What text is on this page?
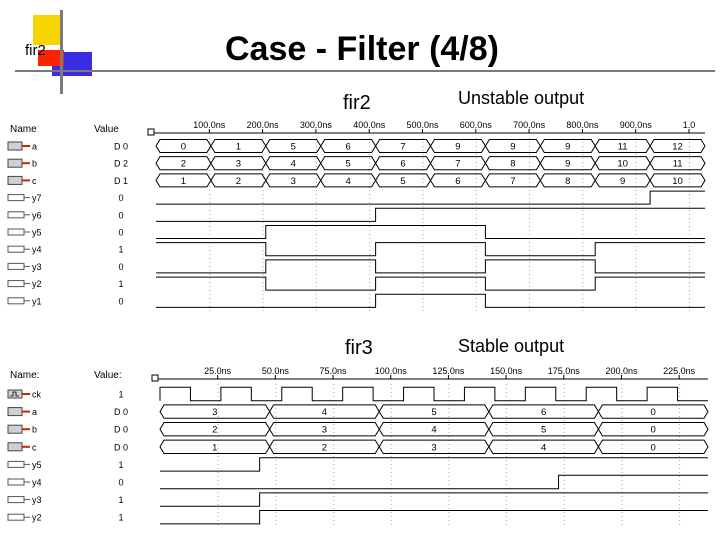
fir2	Case - Filter (4/8)
fir2	Unstable output
fir3	Stable output
Name	Value	100.0ns 200.0ns 300.0ns 400.0ns 500.0ns 600.0ns 700.0ns 800.0ns 900.0ns	1.0
a	D 0	0	1	5	6	7	9	9	9	11	12
b	D 2	2	3	4	5	6	7	8	9	10	11
c	D 1	1	2	3	4	5	6	7	8	9	10
y7	0
y6	0
y5	0
y4	1
y3	0
y2	1
y1	0
Name:	Value:	25.0ns	50.0ns	75.0ns	100.0ns	125.0ns	150.0ns	175.0ns	200.0ns	225.0ns
ck	1
a	D 0	3	4	5	6	0
b	D 0	2	3	4	5	0
c	D 0	1	2	3	4	0
y5	1
y4	0
y3	1
y2	1
